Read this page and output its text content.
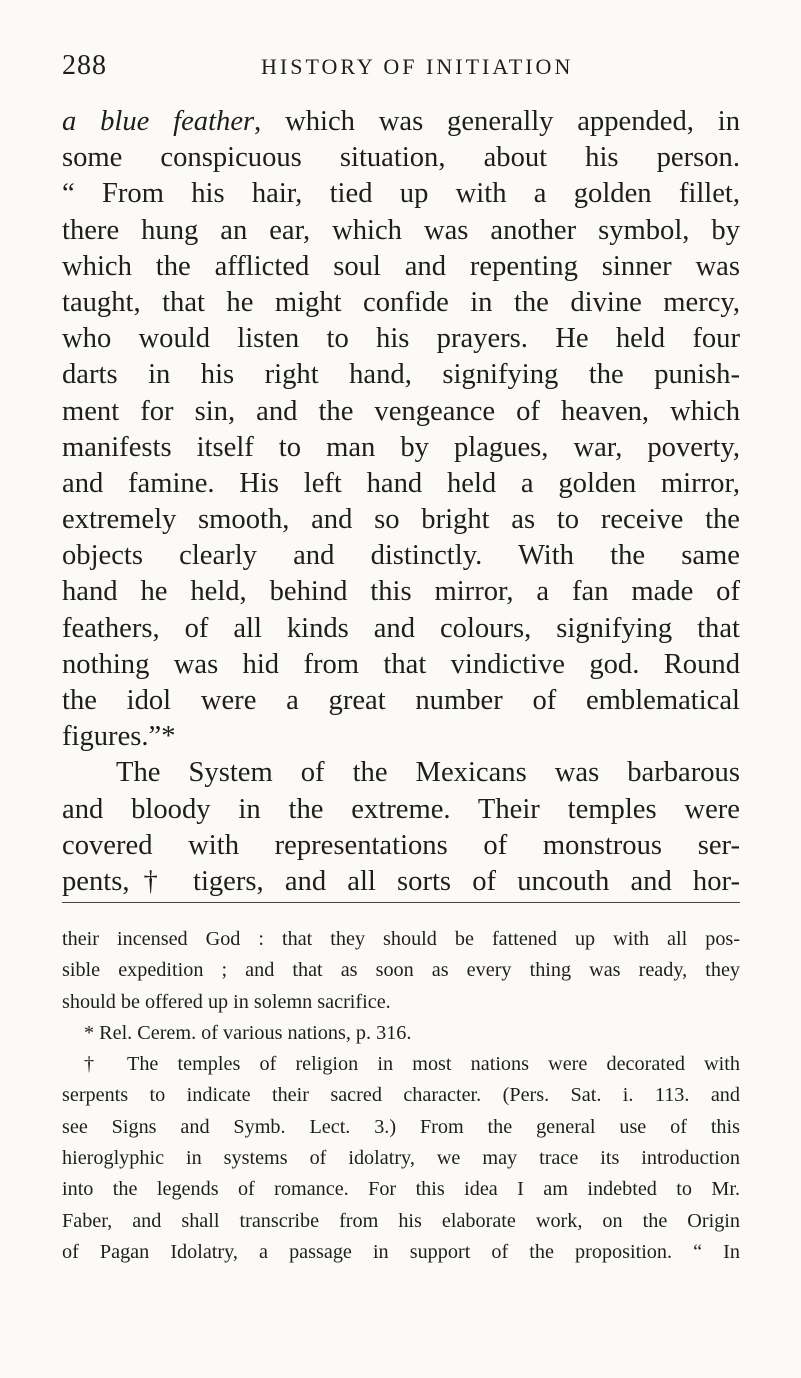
288	HISTORY OF INITIATION
a blue feather, which was generally appended, in
some conspicuous situation, about his person.
“ From his hair, tied up with a golden fillet,
there hung an ear, which was another symbol, by
which the afflicted soul and repenting sinner was
taught, that he might confide in the divine mercy,
who would listen to his prayers. He held four
darts in his right hand, signifying the punish-
ment for sin, and the vengeance of heaven, which
manifests itself to man by plagues, war, poverty,
and famine. His left hand held a golden mirror,
extremely smooth, and so bright as to receive the
objects clearly and distinctly. With the same
hand he held, behind this mirror, a fan made of
feathers, of all kinds and colours, signifying that
nothing was hid from that vindictive god. Round
the idol were a great number of emblematical
figures.”*
The System of the Mexicans was barbarous
and bloody in the extreme. Their temples were
covered with representations of monstrous ser-
pents,† tigers, and all sorts of uncouth and hor-
their incensed God : that they should be fattened up with all pos-
sible expedition ; and that as soon as every thing was ready, they
should be offered up in solemn sacrifice.
* Rel. Cerem. of various nations, p. 316.
† The temples of religion in most nations were decorated with
serpents to indicate their sacred character. (Pers. Sat. i. 113. and
see Signs and Symb. Lect. 3.) From the general use of this
hieroglyphic in systems of idolatry, we may trace its introduction
into the legends of romance. For this idea I am indebted to Mr.
Faber, and shall transcribe from his elaborate work, on the Origin
of Pagan Idolatry, a passage in support of the proposition. “ In
